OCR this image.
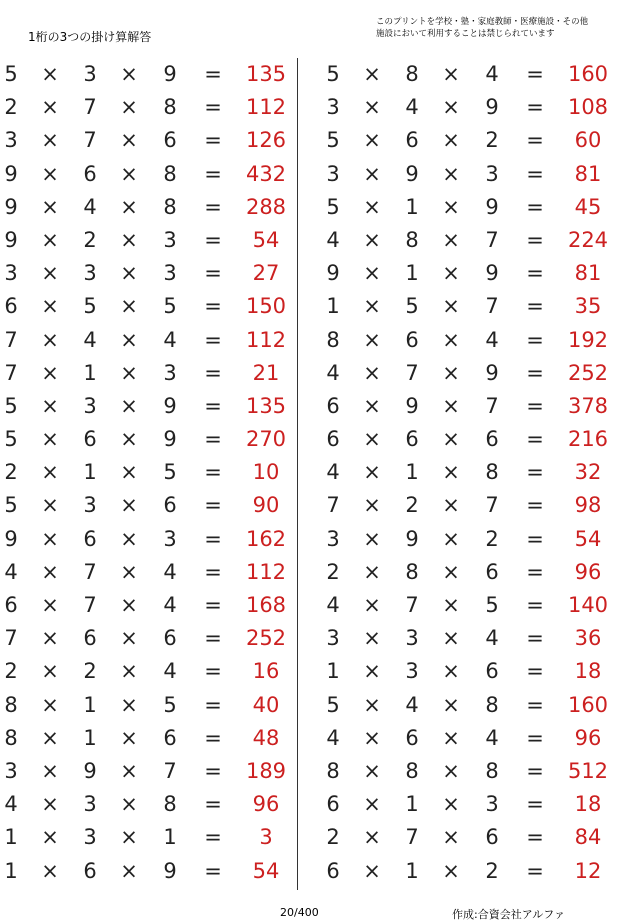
1桁の3つの掛け算解答
このプリントを学校・塾・家庭教師・医療施設・その他
施設において利用することは禁じられています
5 × 3 × 9 =	135
2 × 7 × 8 =	112
3 × 7 × 6 =	126
9 × 6 × 8 =	432
9 × 4 × 8 =	288
9 × 2 × 3 =	54
3 × 3 × 3 =	27
6 × 5 × 5 =	150
7 × 4 × 4 =	112
7 × 1 × 3 =	21
5 × 3 × 9 =	135
5 × 6 × 9 =	270
2 × 1 × 5 =	10
5 × 3 × 6 =	90
9 × 6 × 3 =	162
4 × 7 × 4 =	112
6 × 7 × 4 =	168
7 × 6 × 6 =	252
2 × 2 × 4 =	16
8 × 1 × 5 =	40
8 × 1 × 6 =	48
3 × 9 × 7 =	189
4 × 3 × 8 =	96
1 × 3 × 1 =	3
1 × 6 × 9 =	54
5 × 8 × 4 =	160
3 × 4 × 9 =	108
5 × 6 × 2 =	60
3 × 9 × 3 =	81
5 × 1 × 9 =	45
4 × 8 × 7 =	224
9 × 1 × 9 =	81
1 × 5 × 7 =	35
8 × 6 × 4 =	192
4 × 7 × 9 =	252
6 × 9 × 7 =	378
6 × 6 × 6 =	216
4 × 1 × 8 =	32
7 × 2 × 7 =	98
3 × 9 × 2 =	54
2 × 8 × 6 =	96
4 × 7 × 5 =	140
3 × 3 × 4 =	36
1 × 3 × 6 =	18
5 × 4 × 8 =	160
4 × 6 × 4 =	96
8 × 8 × 8 =	512
6 × 1 × 3 =	18
2 × 7 × 6 =	84
6 × 1 × 2 =	12
20/400	作成:合資会社アルファ
